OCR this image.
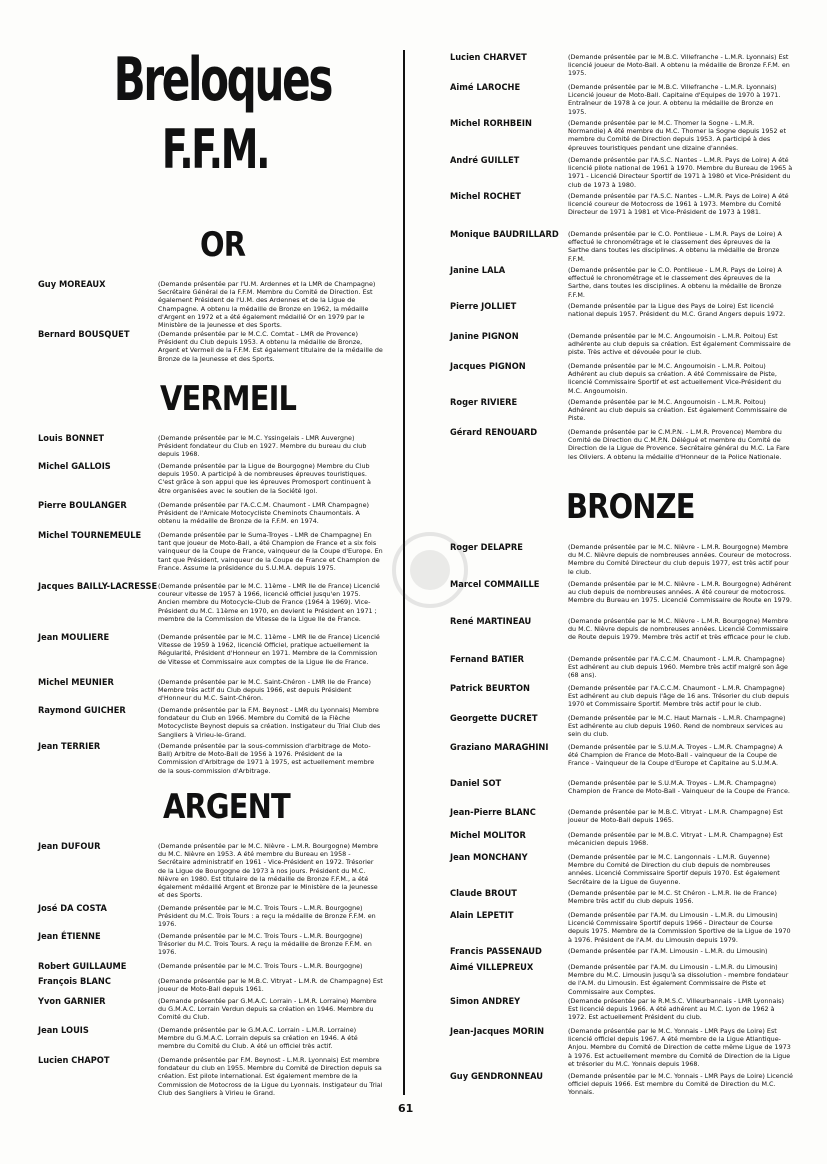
Breloques
F.F.M.
OR
VERMEIL
ARGENT
BRONZE
Guy MOREAUX	(Demande présentée par l'U.M. Ardennes et la LMR de Champagne) Secrétaire Général de la F.F.M. Membre du Comité de Direction. Est également Président de l'U.M. des Ardennes et de la Ligue de Champagne. A obtenu la médaille de Bronze en 1962, la médaille d'Argent en 1972 et a été également médaillé Or en 1979 par le Ministère de la Jeunesse et des Sports.
Bernard BOUSQUET	(Demande présentée par le M.C.C. Comtat - LMR de Provence) Président du Club depuis 1953. A obtenu la médaille de Bronze, Argent et Vermeil de la F.F.M. Est également titulaire de la médaille de Bronze de la Jeunesse et des Sports.
Louis BONNET	(Demande présentée par le M.C. Yssingelais - LMR Auvergne) Président fondateur du Club en 1927. Membre du bureau du club depuis 1968.
Michel GALLOIS	(Demande présentée par la Ligue de Bourgogne) Membre du Club depuis 1950. A participé à de nombreuses épreuves touristiques. C'est grâce à son appui que les épreuves Promosport continuent à être organisées avec le soutien de la Société Igol.
Pierre BOULANGER	(Demande présentée par l'A.C.C.M. Chaumont - LMR Champagne) Président de l'Amicale Motocycliste Cheminots Chaumontais. A obtenu la médaille de Bronze de la F.F.M. en 1974.
Michel TOURNEMEULE	(Demande présentée par le Suma-Troyes - LMR de Champagne) En tant que joueur de Moto-Ball, a été Champion de France et a six fois vainqueur de la Coupe de France, vainqueur de la Coupe d'Europe. En tant que Président, vainqueur de la Coupe de France et Champion de France. Assume la présidence du S.U.M.A. depuis 1975.
Jacques BAILLY-LACRESSE (Demande présentée par le M.C. 11ème - LMR Ile de France) Licencié coureur vitesse de 1957 à 1966, licencié officiel jusqu'en 1975. Ancien membre du Motocycle-Club de France (1964 à 1969). Vice-Président du M.C. 11ème en 1970, en devient le Président en 1971 ; membre de la Commission de Vitesse de la Ligue Ile de France.
Jean MOULIERE	(Demande présentée par le M.C. 11ème - LMR Ile de France) Licencié Vitesse de 1959 à 1962, licencié Officiel, pratique actuellement la Régularité, Président d'Honneur en 1971. Membre de la Commission de Vitesse et Commissaire aux comptes de la Ligue Ile de France.
Michel MEUNIER	(Demande présentée par le M.C. Saint-Chéron - LMR Ile de France) Membre très actif du Club depuis 1966, est depuis Président d'Honneur du M.C. Saint-Chéron.
Raymond GUICHER	(Demande présentée par la F.M. Beynost - LMR du Lyonnais) Membre fondateur du Club en 1966. Membre du Comité de la Flèche Motocycliste Beynost depuis sa création. Instigateur du Trial Club des Sangliers à Virieu-le-Grand.
Jean TERRIER	(Demande présentée par la sous-commission d'arbitrage de Moto-Ball) Arbitre de Moto-Ball de 1956 à 1976. Président de la Commission d'Arbitrage de 1971 à 1975, est actuellement membre de la sous-commission d'Arbitrage.
Jean DUFOUR	(Demande présentée par le M.C. Nièvre - L.M.R. Bourgogne) Membre du M.C. Nièvre en 1953. A été membre du Bureau en 1958 - Secrétaire administratif en 1961 - Vice-Président en 1972. Trésorier de la Ligue de Bourgogne de 1973 à nos jours. Président du M.C. Nièvre en 1980. Est titulaire de la médaille de Bronze F.F.M., a été également médaillé Argent et Bronze par le Ministère de la Jeunesse et des Sports.
José DA COSTA	(Demande présentée par le M.C. Trois Tours - L.M.R. Bourgogne) Président du M.C. Trois Tours : a reçu la médaille de Bronze F.F.M. en 1976.
Jean ÉTIENNE	(Demande présentée par le M.C. Trois Tours - L.M.R. Bourgogne) Trésorier du M.C. Trois Tours. A reçu la médaille de Bronze F.F.M. en 1976.
Robert GUILLAUME	(Demande présentée par le M.C. Trois Tours - L.M.R. Bourgogne)
François BLANC	(Demande présentée par le M.B.C. Vitryat - L.M.R. de Champagne) Est joueur de Moto-Ball depuis 1961.
Yvon GARNIER	(Demande présentée par G.M.A.C. Lorrain - L.M.R. Lorraine) Membre du G.M.A.C. Lorrain Verdun depuis sa création en 1946. Membre du Comité du Club.
Jean LOUIS	(Demande présentée par le G.M.A.C. Lorrain - L.M.R. Lorraine) Membre du G.M.A.C. Lorrain depuis sa création en 1946. A été membre du Comité du Club. A été un officiel très actif.
Lucien CHAPOT	(Demande présentée par F.M. Beynost - L.M.R. Lyonnais) Est membre fondateur du club en 1955. Membre du Comité de Direction depuis sa création. Est pilote international. Est également membre de la Commission de Motocross de la Ligue du Lyonnais. Instigateur du Trial Club des Sangliers à Virieu le Grand.
Lucien CHARVET	(Demande présentée par le M.B.C. Villefranche - L.M.R. Lyonnais) Est licencié joueur de Moto-Ball. A obtenu la médaille de Bronze F.F.M. en 1975.
Aimé LAROCHE	(Demande présentée par le M.B.C. Villefranche - L.M.R. Lyonnais) Licencié joueur de Moto-Ball. Capitaine d'Equipes de 1970 à 1971. Entraîneur de 1978 à ce jour. A obtenu la médaille de Bronze en 1975.
Michel RORHBEIN	(Demande présentée par le M.C. Thomer la Sogne - L.M.R. Normandie) A été membre du M.C. Thomer la Sogne depuis 1952 et membre du Comité de Direction depuis 1953. A participé à des épreuves touristiques pendant une dizaine d'années.
André GUILLET	(Demande présentée par l'A.S.C. Nantes - L.M.R. Pays de Loire) A été licencié pilote national de 1961 à 1970. Membre du Bureau de 1965 à 1971 - Licencié Directeur Sportif de 1971 à 1980 et Vice-Président du club de 1973 à 1980.
Michel ROCHET	(Demande présentée par l'A.S.C. Nantes - L.M.R. Pays de Loire) A été licencié coureur de Motocross de 1961 à 1973. Membre du Comité Directeur de 1971 à 1981 et Vice-Président de 1973 à 1981.
Monique BAUDRILLARD (Demande présentée par le C.O. Pontlieue - L.M.R. Pays de Loire) A effectué le chronométrage et le classement des épreuves de la Sarthe dans toutes les disciplines. A obtenu la médaille de Bronze F.F.M.
Janine LALA	(Demande présentée par le C.O. Pontlieue - L.M.R. Pays de Loire) A effectué le chronométrage et le classement des épreuves de la Sarthe, dans toutes les disciplines. A obtenu la médaille de Bronze F.F.M.
Pierre JOLLIET	(Demande présentée par la Ligue des Pays de Loire) Est licencié national depuis 1957. Président du M.C. Grand Angers depuis 1972.
Janine PIGNON	(Demande présentée par le M.C. Angoumoisin - L.M.R. Poitou) Est adhérente au club depuis sa création. Est également Commissaire de piste. Très active et dévouée pour le club.
Jacques PIGNON	(Demande présentée par le M.C. Angoumoisin - L.M.R. Poitou) Adhérent au club depuis sa création. A été Commissaire de Piste, licencié Commissaire Sportif et est actuellement Vice-Président du M.C. Angoumoisin.
Roger RIVIERE	(Demande présentée par le M.C. Angoumoisin - L.M.R. Poitou) Adhérent au club depuis sa création. Est également Commissaire de Piste.
Gérard RENOUARD	(Demande présentée par le C.M.P.N. - L.M.R. Provence) Membre du Comité de Direction du C.M.P.N. Délégué et membre du Comité de Direction de la Ligue de Provence. Secrétaire général du M.C. La Fare les Oliviers. A obtenu la médaille d'Honneur de la Police Nationale.
Roger DELAPRE	(Demande présentée par le M.C. Nièvre - L.M.R. Bourgogne) Membre du M.C. Nièvre depuis de nombreuses années. Coureur de motocross. Membre du Comité Directeur du club depuis 1977, est très actif pour le club.
Marcel COMMAILLE	(Demande présentée par le M.C. Nièvre - L.M.R. Bourgogne) Adhérent au club depuis de nombreuses années. A été coureur de motocross. Membre du Bureau en 1975. Licencié Commissaire de Route en 1979.
René MARTINEAU	(Demande présentée par le M.C. Nièvre - L.M.R. Bourgogne) Membre du M.C. Nièvre depuis de nombreuses années. Licencié Commissaire de Route depuis 1979. Membre très actif et très efficace pour le club.
Fernand BATIER	(Demande présentée par l'A.C.C.M. Chaumont - L.M.R. Champagne) Est adhérent au club depuis 1960. Membre très actif malgré son âge (68 ans).
Patrick BEURTON	(Demande présentée par l'A.C.C.M. Chaumont - L.M.R. Champagne) Est adhérent au club depuis l'âge de 16 ans. Trésorier du club depuis 1970 et Commissaire Sportif. Membre très actif pour le club.
Georgette DUCRET	(Demande présentée par le M.C. Haut Marnais - L.M.R. Champagne) Est adhérente au club depuis 1960. Rend de nombreux services au sein du club.
Graziano MARAGHINI	(Demande présentée par le S.U.M.A. Troyes - L.M.R. Champagne) A été Champion de France de Moto-Ball - vainqueur de la Coupe de France - Vainqueur de la Coupe d'Europe et Capitaine au S.U.M.A.
Daniel SOT	(Demande présentée par le S.U.M.A. Troyes - L.M.R. Champagne) Champion de France de Moto-Ball - Vainqueur de la Coupe de France.
Jean-Pierre BLANC	(Demande présentée par le M.B.C. Vitryat - L.M.R. Champagne) Est joueur de Moto-Ball depuis 1965.
Michel MOLITOR	(Demande présentée par le M.B.C. Vitryat - L.M.R. Champagne) Est mécanicien depuis 1968.
Jean MONCHANY	(Demande présentée par le M.C. Langonnais - L.M.R. Guyenne) Membre du Comité de Direction du club depuis de nombreuses années. Licencié Commissaire Sportif depuis 1970. Est également Secrétaire de la Ligue de Guyenne.
Claude BROUT	(Demande présentée par le M.C. St Chéron - L.M.R. Ile de France) Membre très actif du club depuis 1956.
Alain LEPETIT	(Demande présentée par l'A.M. du Limousin - L.M.R. du Limousin) Licencié Commissaire Sportif depuis 1966 - Directeur de Course depuis 1975. Membre de la Commission Sportive de la Ligue de 1970 à 1976. Président de l'A.M. du Limousin depuis 1979.
Francis PASSENAUD	(Demande présentée par l'A.M. Limousin - L.M.R. du Limousin)
Aimé VILLEPREUX	(Demande présentée par l'A.M. du Limousin - L.M.R. du Limousin) Membre du M.C. Limousin jusqu'à sa dissolution - membre fondateur de l'A.M. du Limousin. Est également Commissaire de Piste et Commissaire aux Comptes.
Simon ANDREY	(Demande présentée par le R.M.S.C. Villeurbannais - LMR Lyonnais) Est licencié depuis 1966. A été adhérent au M.C. Lyon de 1962 à 1972. Est actuellement Président du club.
Jean-Jacques MORIN	(Demande présentée par le M.C. Yonnais - LMR Pays de Loire) Est licencié officiel depuis 1967. A été membre de la Ligue Atlantique-Anjou. Membre du Comité de Direction de cette même Ligue de 1973 à 1976. Est actuellement membre du Comité de Direction de la Ligue et trésorier du M.C. Yonnais depuis 1968.
Guy GENDRONNEAU	(Demande présentée par le M.C. Yonnais - LMR Pays de Loire) Licencié officiel depuis 1966. Est membre du Comité de Direction du M.C. Yonnais.
61
